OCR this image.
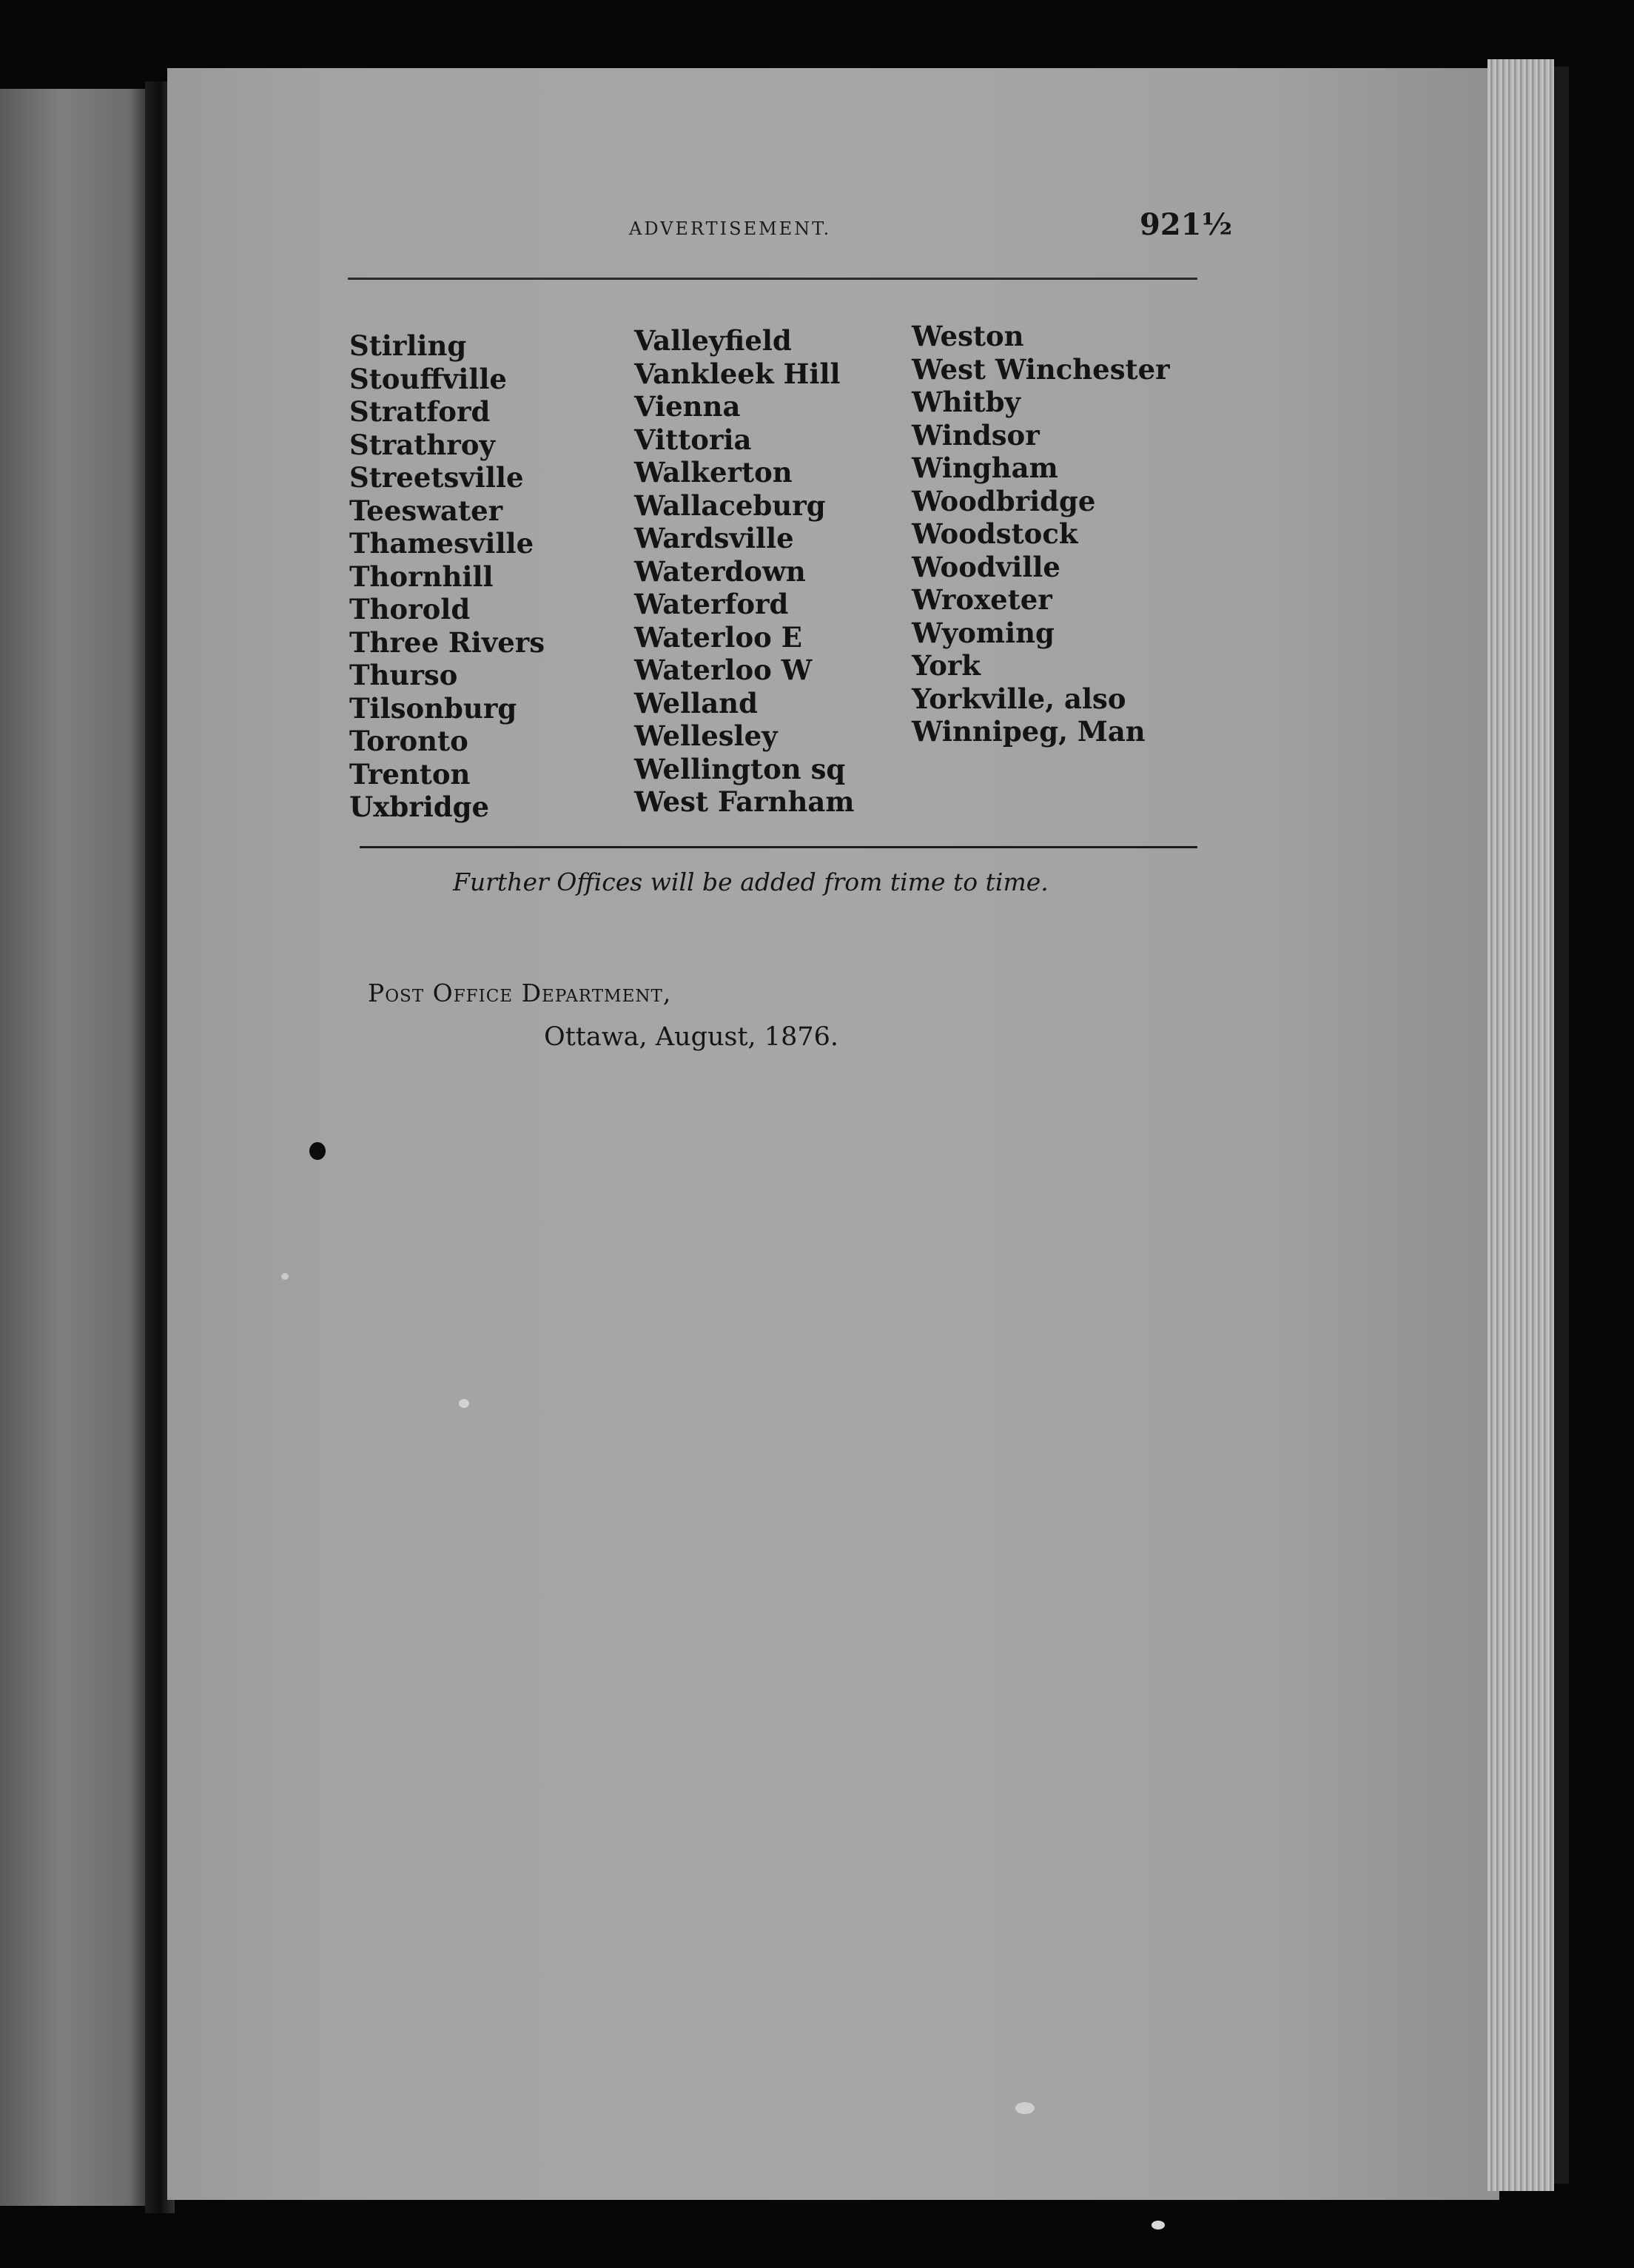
ADVERTISEMENT.	921½
Stirling
Stouffville
Stratford
Strathroy
Streetsville
Teeswater
Thamesville
Thornhill
Thorold
Three Rivers
Thurso
Tilsonburg
Toronto
Trenton
Uxbridge
Valleyfield
Vankleek Hill
Vienna
Vittoria
Walkerton
Wallaceburg
Wardsville
Waterdown
Waterford
Waterloo E
Waterloo W
Welland
Wellesley
Wellington sq
West Farnham
Weston
West Winchester
Whitby
Windsor
Wingham
Woodbridge
Woodstock
Woodville
Wroxeter
Wyoming
York
Yorkville, also
Winnipeg, Man
Further Offices will be added from time to time.
Post Office Department,
Ottawa, August, 1876.
